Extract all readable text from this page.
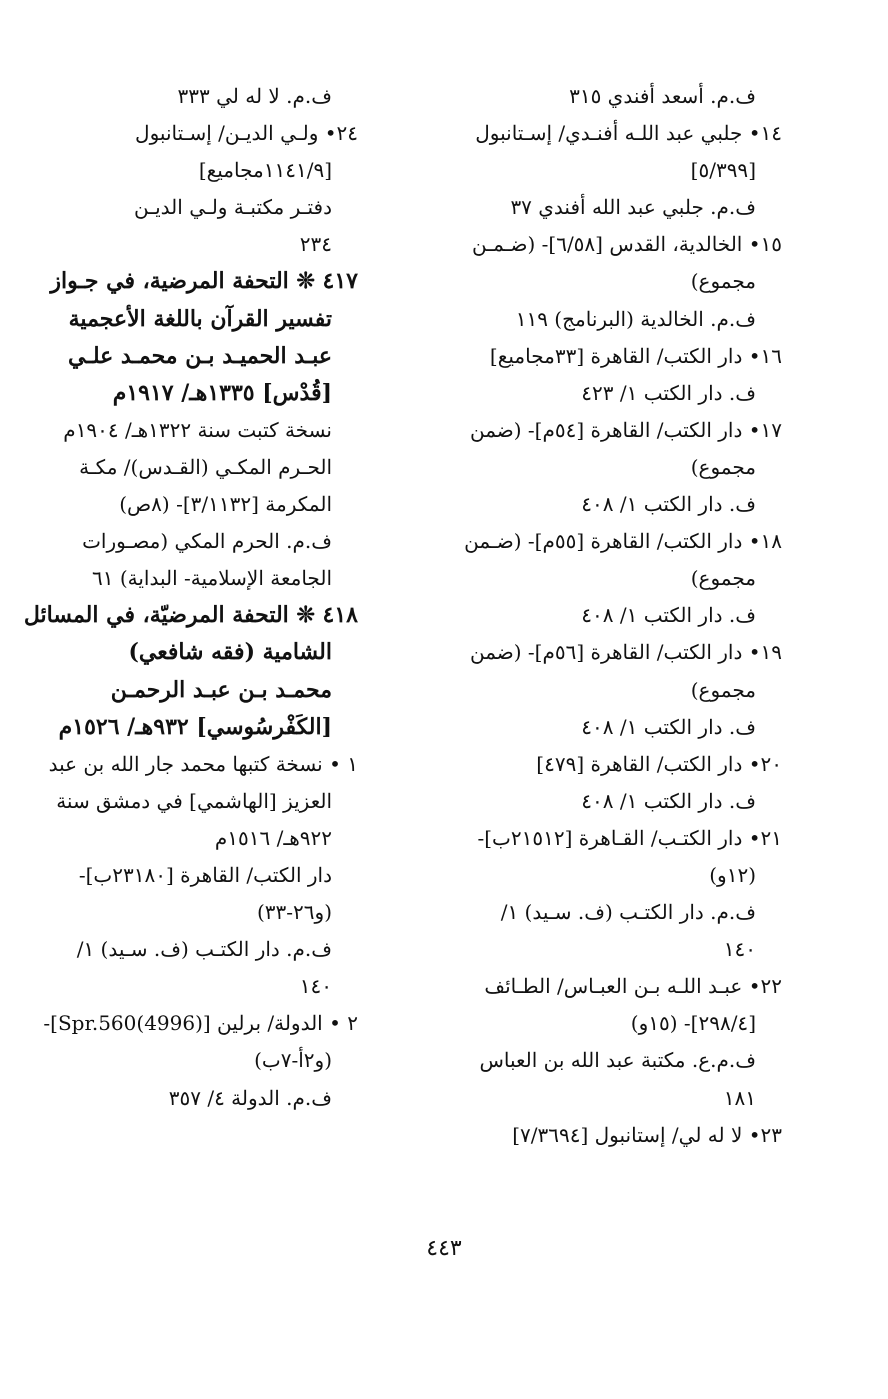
ف.م. أسعد أفندي ٣١٥
١٤• جلبي عبد اللـه أفنـدي/ إسـتانبول
[٥/٣٩٩]
ف.م. جلبي عبد الله أفندي ٣٧
١٥• الخالدية، القدس [٦/٥٨]- (ضـمـن
مجموع)
ف.م. الخالدية (البرنامج) ١١٩
١٦• دار الكتب/ القاهرة [٣٣مجاميع]
ف. دار الكتب ١/ ٤٢٣
١٧• دار الكتب/ القاهرة [٥٤م]- (ضمن
مجموع)
ف. دار الكتب ١/ ٤٠٨
١٨• دار الكتب/ القاهرة [٥٥م]- (ضـمن
مجموع)
ف. دار الكتب ١/ ٤٠٨
١٩• دار الكتب/ القاهرة [٥٦م]- (ضمن
مجموع)
ف. دار الكتب ١/ ٤٠٨
٢٠• دار الكتب/ القاهرة [٤٧٩]
ف. دار الكتب ١/ ٤٠٨
٢١• دار الكتـب/ القـاهرة [٢١٥١٢ب]-
(١٢و)
ف.م. دار الكتـب (ف. سـيد) ١/
١٤٠
٢٢• عبـد اللـه بـن العبـاس/ الطـائف
[٢٩٨/٤]- (١٥و)
ف.م.ع. مكتبة عبد الله بن العباس
١٨١
٢٣• لا له لي/ إستانبول [٧/٣٦٩٤]
ف.م. لا له لي ٣٣٣
٢٤• ولـي الديـن/ إسـتانبول
[١١٤١/٩مجاميع]
دفتـر مكتبـة ولـي الديـن
٢٣٤
٤١٧ ❊ التحفة المرضية، في جـواز
تفسير القرآن باللغة الأعجمية
عبـد الحميـد بـن محمـد علـي
[قُدْس] ١٣٣٥هـ/ ١٩١٧م
نسخة كتبت سنة ١٣٢٢هـ/ ١٩٠٤م
الحـرم المكـي (القـدس)/ مكـة
المكرمة [٣/١١٣٢]- (٨ص)
ف.م. الحرم المكي (مصـورات
الجامعة الإسلامية- البداية) ٦١
٤١٨ ❊ التحفة المرضيّة، في المسائل
الشامية (فقه شافعي)
محمـد بـن عبـد الرحمـن
[الكَفْرسُوسي] ٩٣٢هـ/ ١٥٢٦م
١ • نسخة كتبها محمد جار الله بن عبد
العزيز [الهاشمي] في دمشق سنة
٩٢٢هـ/ ١٥١٦م
دار الكتب/ القاهرة [٢٣١٨٠ب]-
(و٢٦-٣٣)
ف.م. دار الكتـب (ف. سـيد) ١/
١٤٠
٢ • الدولة/ برلين [(4996)Spr.560]-
(و٢أ-٧ب)
ف.م. الدولة ٤/ ٣٥٧
٤٤٣
